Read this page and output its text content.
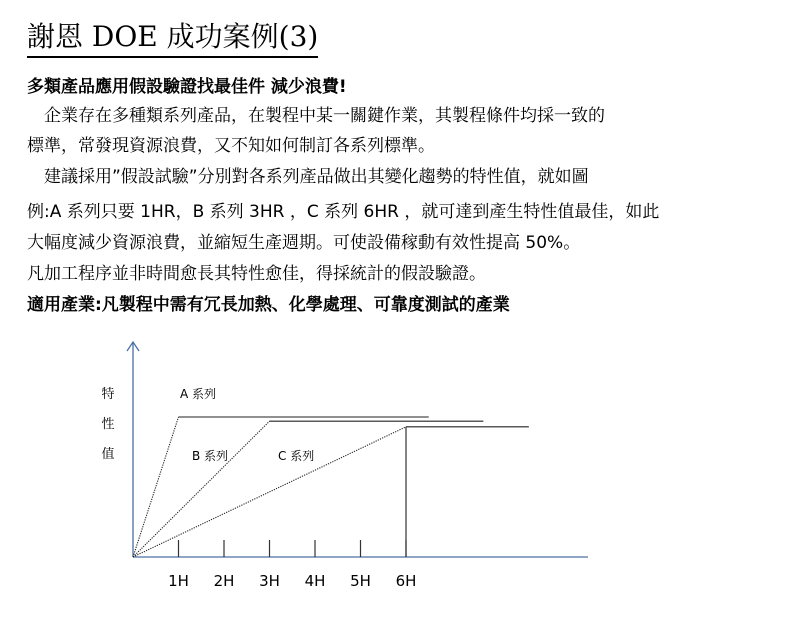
謝恩 DOE 成功案例(3)
多類產品應用假設驗證找最佳件 減少浪費!
　企業存在多種類系列產品，在製程中某一關鍵作業，其製程條件均採一致的
標準，常發現資源浪費，又不知如何制訂各系列標準。
　建議採用”假設試驗”分別對各系列產品做出其變化趨勢的特性值，就如圖
例:A 系列只要 1HR，B 系列 3HR ，C 系列 6HR ，就可達到產生特性值最佳，如此
大幅度減少資源浪費，並縮短生產週期。可使設備稼動有效性提高 50%。
凡加工程序並非時間愈長其特性愈佳，得採統計的假設驗證。
適用產業:凡製程中需有冗長加熱、化學處理、可靠度測試的產業
1H 2H 3H 4H 5H 6H
特
性
值
A 系列
B 系列	C 系列
